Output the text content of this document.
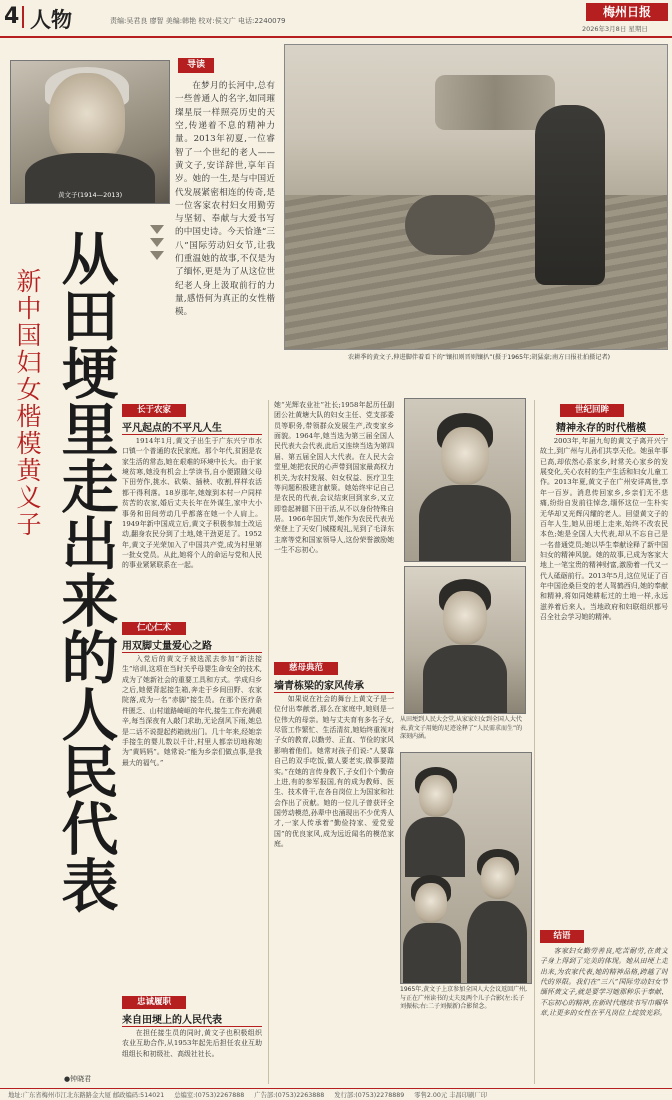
4 人物	责编:吴君良 廖智 美编:韩艳 校对:侯文广 电话:2240079
梅州日报
2026年3月8日 星期日
黄文子(1914—2013)
新中国妇女楷模 黄义子
从田埂里走出来的人民代表
导读
在梦月的长河中,总有一些普通人的名字,如同璀璨星辰一样照亮历史的天空,传递着不息的精神力量。2013年初夏,一位睿智了一个世纪的老人——黄文子,安详辞世,享年百岁。她的一生,是与中国近代发展紧密相连的传奇,是一位客家农村妇女用勤劳与坚韧、奉献与大爱书写的中国史诗。今天恰逢“三八”国际劳动妇女节,让我们重温她的故事,不仅是为了缅怀,更是为了从这位世纪老人身上汲取前行的力量,感悟何为真正的女性楷模。
农耕季的黄文子,伸进脚伴着看下的“镶扣则晋则镶扒”(摄于1965年;胡猛豪;南方日报社拍摄记者)
长于农家
平凡起点的不平凡人生
1914年1月,黄文子出生于广东兴宁市水口镇一个普通的农民家庭。那个年代,贫困是农家生活的常态,她在艰难的环境中长大。由于家境贫寒,她没有机会上学读书,自小便跟随父母下田劳作,挑水、砍柴、插秧、收割,样样农活都干得利落。18岁那年,她嫁到本村一户同样贫苦的农家,婚后丈夫长年在外谋生,家中大小事务和田间劳动几乎都落在她一个人肩上。1949年新中国成立后,黄文子积极参加土改运动,翻身农民分到了土地,她干劲更足了。1952年,黄文子光荣加入了中国共产党,成为村里第一批女党员。从此,她将个人的命运与党和人民的事业紧紧联系在一起。
仁心仁术
用双脚丈量爱心之路
入党后的黄文子被选派去参加“新法接生”培训,这项在当时关乎母婴生命安全的技术,成为了她新社会的重要工具和方式。学成归乡之后,她便背起接生箱,奔走于乡间田野、农家院落,成为一名“赤脚”接生员。在那个医疗条件匮乏、山村道路崎岖的年代,接生工作充满艰辛,每当深夜有人敲门求助,无论刮风下雨,她总是二话不说提起药箱就出门。几十年来,经她亲手接生的婴儿数以千计,村里人都亲切地称她为“黄妈妈”。她常说:“能为乡亲们做点事,是我最大的福气。”
忠诚履职
来自田埂上的人民代表
在担任接生员的同时,黄文子也积极组织农业互助合作,从1953年起先后担任农业互助组组长和初级社、高级社社长。
●钟晓君
她“光辉农业社”社长;1958年起历任副团公社黄塘大队的妇女主任、党支部委员等职务,带领群众发展生产,改变家乡面貌。1964年,她当选为第三届全国人民代表大会代表,此后又连续当选为第四届、第五届全国人大代表。在人民大会堂里,她把农民的心声带到国家最高权力机关,为农村发展、妇女权益、医疗卫生等问题积极建言献策。她始终牢记自己是农民的代表,会议结束回到家乡,又立即卷起裤腿下田干活,从不以身份特殊自居。1966年国庆节,她作为农民代表光荣登上了天安门城楼观礼,见到了毛泽东主席等党和国家领导人,这份荣誉激励她一生不忘初心。
慈母典范
墙青栋梁的家风传承
如果说在社会的舞台上黄文子是一位付出奉献者,那么在家庭中,她则是一位伟大的母亲。她与丈夫育有多名子女,尽管工作繁忙、生活清贫,她始终重视对子女的教育,以勤劳、正直、节俭的家风影响着他们。她常对孩子们说:“人要靠自己的双手吃饭,做人要老实,做事要踏实。”在她的言传身教下,子女们个个勤奋上进,有的参军报国,有的成为教师、医生、技术骨干,在各自岗位上为国家和社会作出了贡献。她的一位儿子曾获评全国劳动模范,孙辈中也涌现出不少优秀人才,一家人传承着“勤俭持家、爱党爱国”的优良家风,成为远近闻名的模范家庭。
从田埂到人民大会堂,从家家妇女到全国人大代表,黄文子用她的足迹诠释了“人民需求而生”的深刻内涵。
1965年,黄文子上京参加全国人大会议返回广州,与正在广州读书的丈夫及两个儿子合影(左:长子刘振标;右:二子刘振新)合影留念。
世纪回眸
精神永存的时代楷模
2003年,年届九旬的黄文子离开兴宁故土,到广州与儿孙们共享天伦。她虽年事已高,却依然心系家乡,时常关心家乡的发展变化,关心农村的生产生活和妇女儿童工作。2013年夏,黄文子在广州安详离世,享年一百岁。消息传回家乡,乡亲们无不悲痛,纷纷自发前往悼念,缅怀这位一生朴实无华却又光辉闪耀的老人。回望黄文子的百年人生,她从田埂上走来,始终不改农民本色;她是全国人大代表,却从不忘自己是一名普通党员;她以毕生奉献诠释了新中国妇女的精神风貌。她的故事,已成为客家大地上一笔宝贵的精神财富,激励着一代又一代人砥砺前行。2013年5月,这位见证了百年中国沧桑巨变的老人驾鹤西归,她的奉献和精神,将如同她耕耘过的土地一样,永远滋养着后来人。当地政府和妇联组织都号召全社会学习她的精神。
结语
客家妇女勤劳善良,吃苦耐劳,在黄文子身上得到了完美的体现。她从田埂上走出来,为农家代表,她的精神品格,跨越了时代的界限。我们在“三八”国际劳动妇女节缅怀黄文子,就是要学习她那种乐于奉献、不忘初心的精神,在新时代继续书写巾帼华章,让更多的女性在平凡岗位上绽放光彩。
地址:广东省梅州市江北东路路金大厦 邮政编码:514021 总编室:(0753)2267888 广告部:(0753)2263888 发行部:(0753)2278889 零售2.00元 丰昌印刷厂印
